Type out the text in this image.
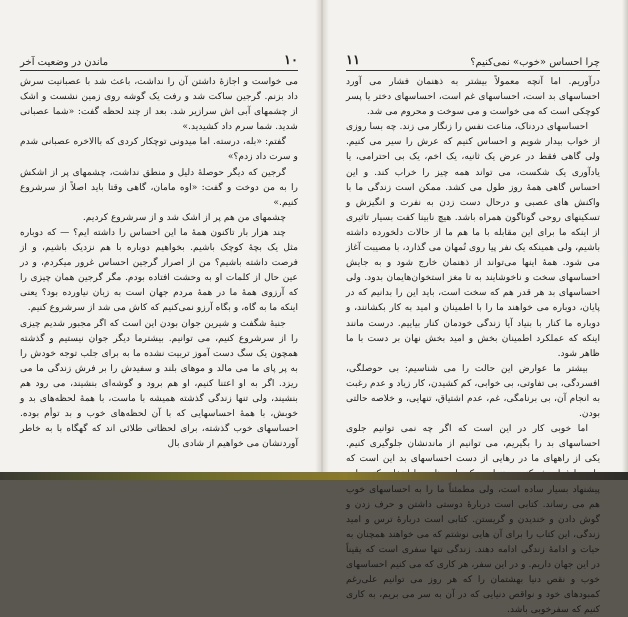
۱۰
ماندن در وضعیت آخر

می خواست و اجازهٔ داشتن آن را نداشت، باعث شد با عصبانیت سرش داد بزنم. گرجین ساکت شد و رفت یک گوشه روی زمین نشست و اشک از چشمهای آبی اش سرازیر شد. بعد از چند لحظه گفت: «شما عصبانی شدید. شما سرم داد کشیدید.»

گفتم: «بله، درسته. اما میدونی توچکار کردی که باالاخره عصبانی شدم و سرت داد زدم؟»

گرجین که دیگر حوصلهٔ دلیل و منطق نداشت، چشمهای پر از اشکش را به من دوخت و گفت: «اوه مامان، گاهی وقتا باید اصلاً از سرشروع کنیم.»

چشمهای من هم پر از اشک شد و از سرشروع کردیم.

چند هزار بار تاکنون همهٔ ما این احساس را داشته ایم؟ — که دوباره مثل یک بچهٔ کوچک باشیم. بخواهیم دوباره با هم نزدیک باشیم، و از فرصت داشته باشیم؟ من از اصرار گرجین احساس غرور میکردم، و در عین حال از کلمات او به وحشت افتاده بودم. مگر گرجین همان چیزی را که آرزوی همهٔ ما در همهٔ مردم جهان است به زبان نیاورده بود؟ یعنی اینکه ما به گاه، و بگاه آرزو نمی‌کنیم که کاش می شد از سرشروع کنیم.

جنبهٔ شگفت و شیرین جوان بودن این است که اگر مجبور شدیم چیزی را از سرشروع کنیم، می توانیم. بیشترما دیگر جوان نیستیم و گذشته همچون یک سگ دست آموز تربیت نشده ما به برای جلب توجه خودش را به پر پای ما می مالد و موهای بلند و سفیدش را بر فرش زندگی ما می ریزد. اگر به او اعتنا کنیم، او هم برود و گوشه‌ای بنشیند، می رود هم بنشیند، ولی تنها زندگی گذشته همیشه با ماست، با همهٔ لحظه‌های بد و خوبش، با همهٔ احساسهایی که با آن لحظه‌های خوب و بد توأم بوده. احساسهای خوب گذشته، برای لحظاتی طلائی اند که گهگاه با به خاطر آوردنشان می خواهیم از شادی بال

چرا احساس «خوب» نمی‌کنیم؟
۱۱

درآوریم. اما آنچه معمولاً بیشتر به ذهنمان فشار می آورد احساسهای بد است، احساسهای غم است، احساسهای دختر یا پسر کوچکی است که می خواست و می سوخت و محروم می شد.

احساسهای دردناک، مناعت نفس را زنگار می زند. چه بسا روزی از خواب بیدار شویم و احساس کنیم که عرش را سیر می کنیم. ولی گاهی فقط در عرض یک ثانیه، یک اخم، یک بی احترامی، یا یادآوری یک شکست، می تواند همه چیز را خراب کند. و این احساس گاهی همهٔ روز طول می کشد. ممکن است زندگی ما با واکنش های عصبی و درحال دست زدن به نفرت و انگیزش و تسکینهای روحی گوناگون همراه باشد. هیچ نابینا کفت بسیار تاثیری از اینکه ما برای این مقابله با ما هم ما از حالات دلخورده داشته باشیم، ولی همینکه یک نفر پیا روی تُمهان می گذارد، با مصیبت آغاز می شود. همهٔ اینها می‌تواند از ذهنمان خارج شود و به جایش احساسهای سخت و ناخوشایند به تا مغز استخوان‌هایمان بدود. ولی احساسهای بد هر قدر هم که سخت است، باید این را بدانیم که در پایان، دوباره می خواهند ما را با اطمینان و امید به کار بکشانند، و دوباره ما کنار با بنیاد آیا زندگی خودمان کنار بیاییم. درست مانند اینکه که عملکرد اطمینان بخش و امید بخش نهان بر دست با ما ظاهر شود.

بیشتر ما عوارض این حالت را می شناسیم: بی حوصلگی، افسردگی، بی تفاوتی، بی خوابی، کم کشیدن، کار زیاد و عدم رغبت به انجام آن، بی برنامگی، غم، عدم اشتیاق، تنهایی، و خلاصه حالتی بودن.

اما خوبی کار در این است که اگر چه نمی توانیم جلوی احساسهای بد را بگیریم، می توانیم از ماندنشان جلوگیری کنیم. یکی از راههای ما در رهایی از دست احساسهای بد این است که پیشنهاد بسیار ساده است، ولی مطمئناً ما را به احساسهای خوب هم می رساند. کتابی است دربارهٔ دوستی داشتن و حرف زدن و گوش دادن و خندیدن و گریستن. کتابی است دربارهٔ ترس و امید زندگی، این کتاب را برای آن هایی نوشتم که می خواهند همچنان به حیات و ادامهٔ زندگی ادامه دهند. زندگی تنها سفری است که یقیناً در این جهان داریم. و در این سفر، هر کاری که می کنیم احساسهای خوب و نقص دنیا بهشتمان را که هر روز می توانیم علی‌رغم کمبودهای خود و نواقص دنیایی که در آن به سر می بریم، به کاری کنیم که سفرخوبی باشد.
